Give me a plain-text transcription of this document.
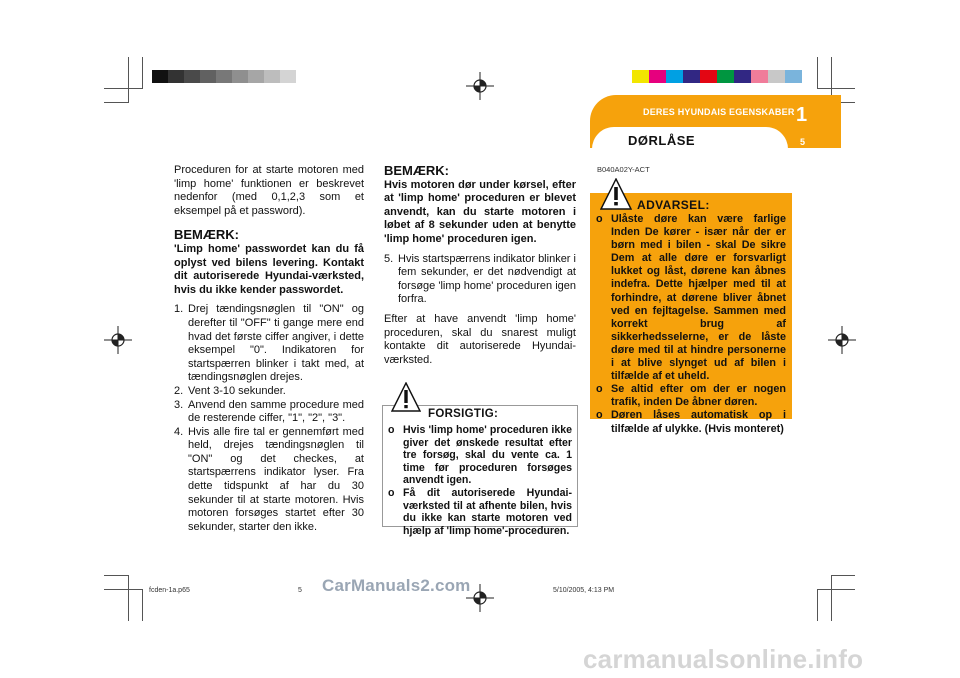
DERES HYUNDAIS EGENSKABER 1
5
DØRLÅSE

Proceduren for at starte motoren med 'limp home' funktionen er beskrevet nedenfor (med 0,1,2,3 som et eksempel på et password).

BEMÆRK:

'Limp home' passwordet kan du få oplyst ved bilens levering. Kontakt dit autoriserede Hyundai-værksted, hvis du ikke kender passwordet.

1. Drej tændingsnøglen til "ON" og derefter til "OFF" ti gange mere end hvad det første ciffer angiver, i dette eksempel "0". Indikatoren for startspærren blinker i takt med, at tændingsnøglen drejes.
2. Vent 3-10 sekunder.
3. Anvend den samme procedure med de resterende ciffer, "1", "2", "3".
4. Hvis alle fire tal er gennemført med held, drejes tændingsnøglen til "ON" og det checkes, at startspærrens indikator lyser. Fra dette tidspunkt af har du 30 sekunder til at starte motoren. Hvis motoren forsøges startet efter 30 sekunder, starter den ikke.
BEMÆRK:

Hvis motoren dør under kørsel, efter at 'limp home' proceduren er blevet anvendt, kan du starte motoren i løbet af 8 sekunder uden at benytte 'limp home' proceduren igen.

5. Hvis startspærrens indikator blinker i fem sekunder, er det nødvendigt at forsøge 'limp home' proceduren igen forfra.

Efter at have anvendt 'limp home' proceduren, skal du snarest muligt kontakte dit autoriserede Hyundai-værksted.

FORSIGTIG:
o Hvis 'limp home' proceduren ikke giver det ønskede resultat efter tre forsøg, skal du vente ca. 1 time før proceduren forsøges anvendt igen.
o Få dit autoriserede Hyundai-værksted til at afhente bilen, hvis du ikke kan starte motoren ved hjælp af 'limp home'-proceduren.
B040A02Y-ACT
ADVARSEL:
o Ulåste døre kan være farlige Inden De kører - især når der er børn med i bilen - skal De sikre Dem at alle døre er forsvarligt lukket og låst, dørene kan åbnes indefra. Dette hjælper med til at forhindre, at dørene bliver åbnet ved en fejltagelse. Sammen med korrekt brug af sikkerhedsselerne, er de låste døre med til at hindre personerne i at blive slynget ud af bilen i tilfælde af et uheld.
o Se altid efter om der er nogen trafik, inden De åbner døren.
o Døren låses automatisk op i tilfælde af ulykke. (Hvis monteret)
fcden-1a.p65	5	5/10/2005, 4:13 PM
CarManuals2.com
carmanualsonline.info
